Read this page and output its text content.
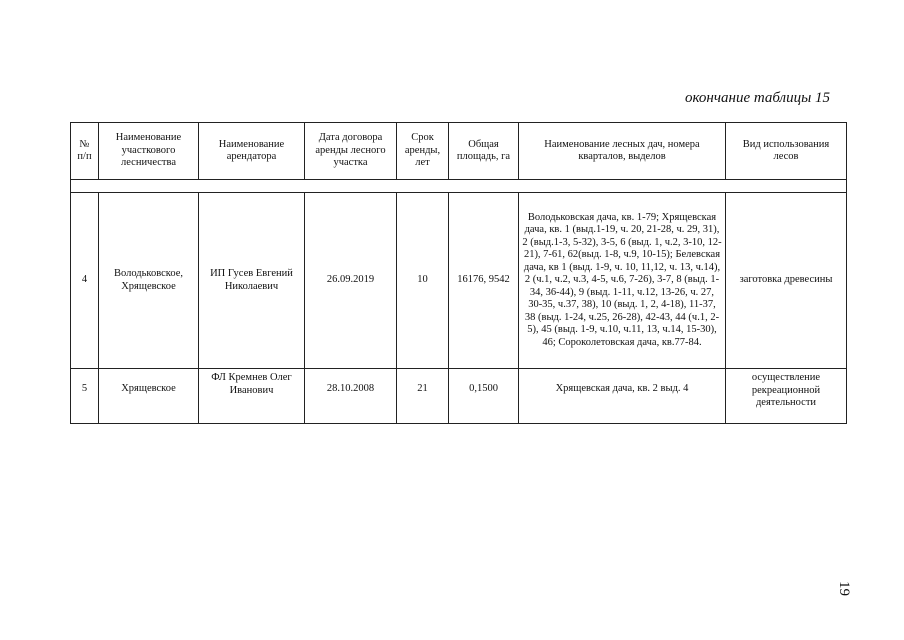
окончание таблицы 15
№ п/п	Наименование участкового лесничества	Наименование арендатора	Дата договора аренды лесного участка	Срок аренды, лет	Общая площадь, га	Наименование лесных дач, номера кварталов, выделов	Вид использования лесов

4	Володьковское, Хрящевское	ИП Гусев Евгений Николаевич	26.09.2019	10	16176, 9542	Володьковская дача, кв. 1-79; Хрящевская дача, кв. 1 (выд.1-19, ч. 20, 21-28, ч. 29, 31), 2 (выд.1-3, 5-32), 3-5, 6 (выд. 1, ч.2, 3-10, 12-21), 7-61, 62(выд. 1-8, ч.9, 10-15); Белевская дача, кв 1 (выд. 1-9, ч. 10, 11,12, ч. 13, ч.14), 2 (ч.1, ч.2, ч.3, 4-5, ч.6, 7-26), 3-7, 8 (выд. 1-34, 36-44), 9 (выд. 1-11, ч.12, 13-26, ч. 27, 30-35, ч.37, 38), 10 (выд. 1, 2, 4-18), 11-37, 38 (выд. 1-24, ч.25, 26-28), 42-43, 44 (ч.1, 2-5), 45 (выд. 1-9, ч.10, ч.11, 13, ч.14, 15-30), 46; Сороколетовская дача, кв.77-84.	заготовка древесины
5	Хрящевское	ФЛ Кремнев Олег Иванович	28.10.2008	21	0,1500	Хрящевская дача, кв. 2 выд. 4	осуществление рекреационной деятельности
19
